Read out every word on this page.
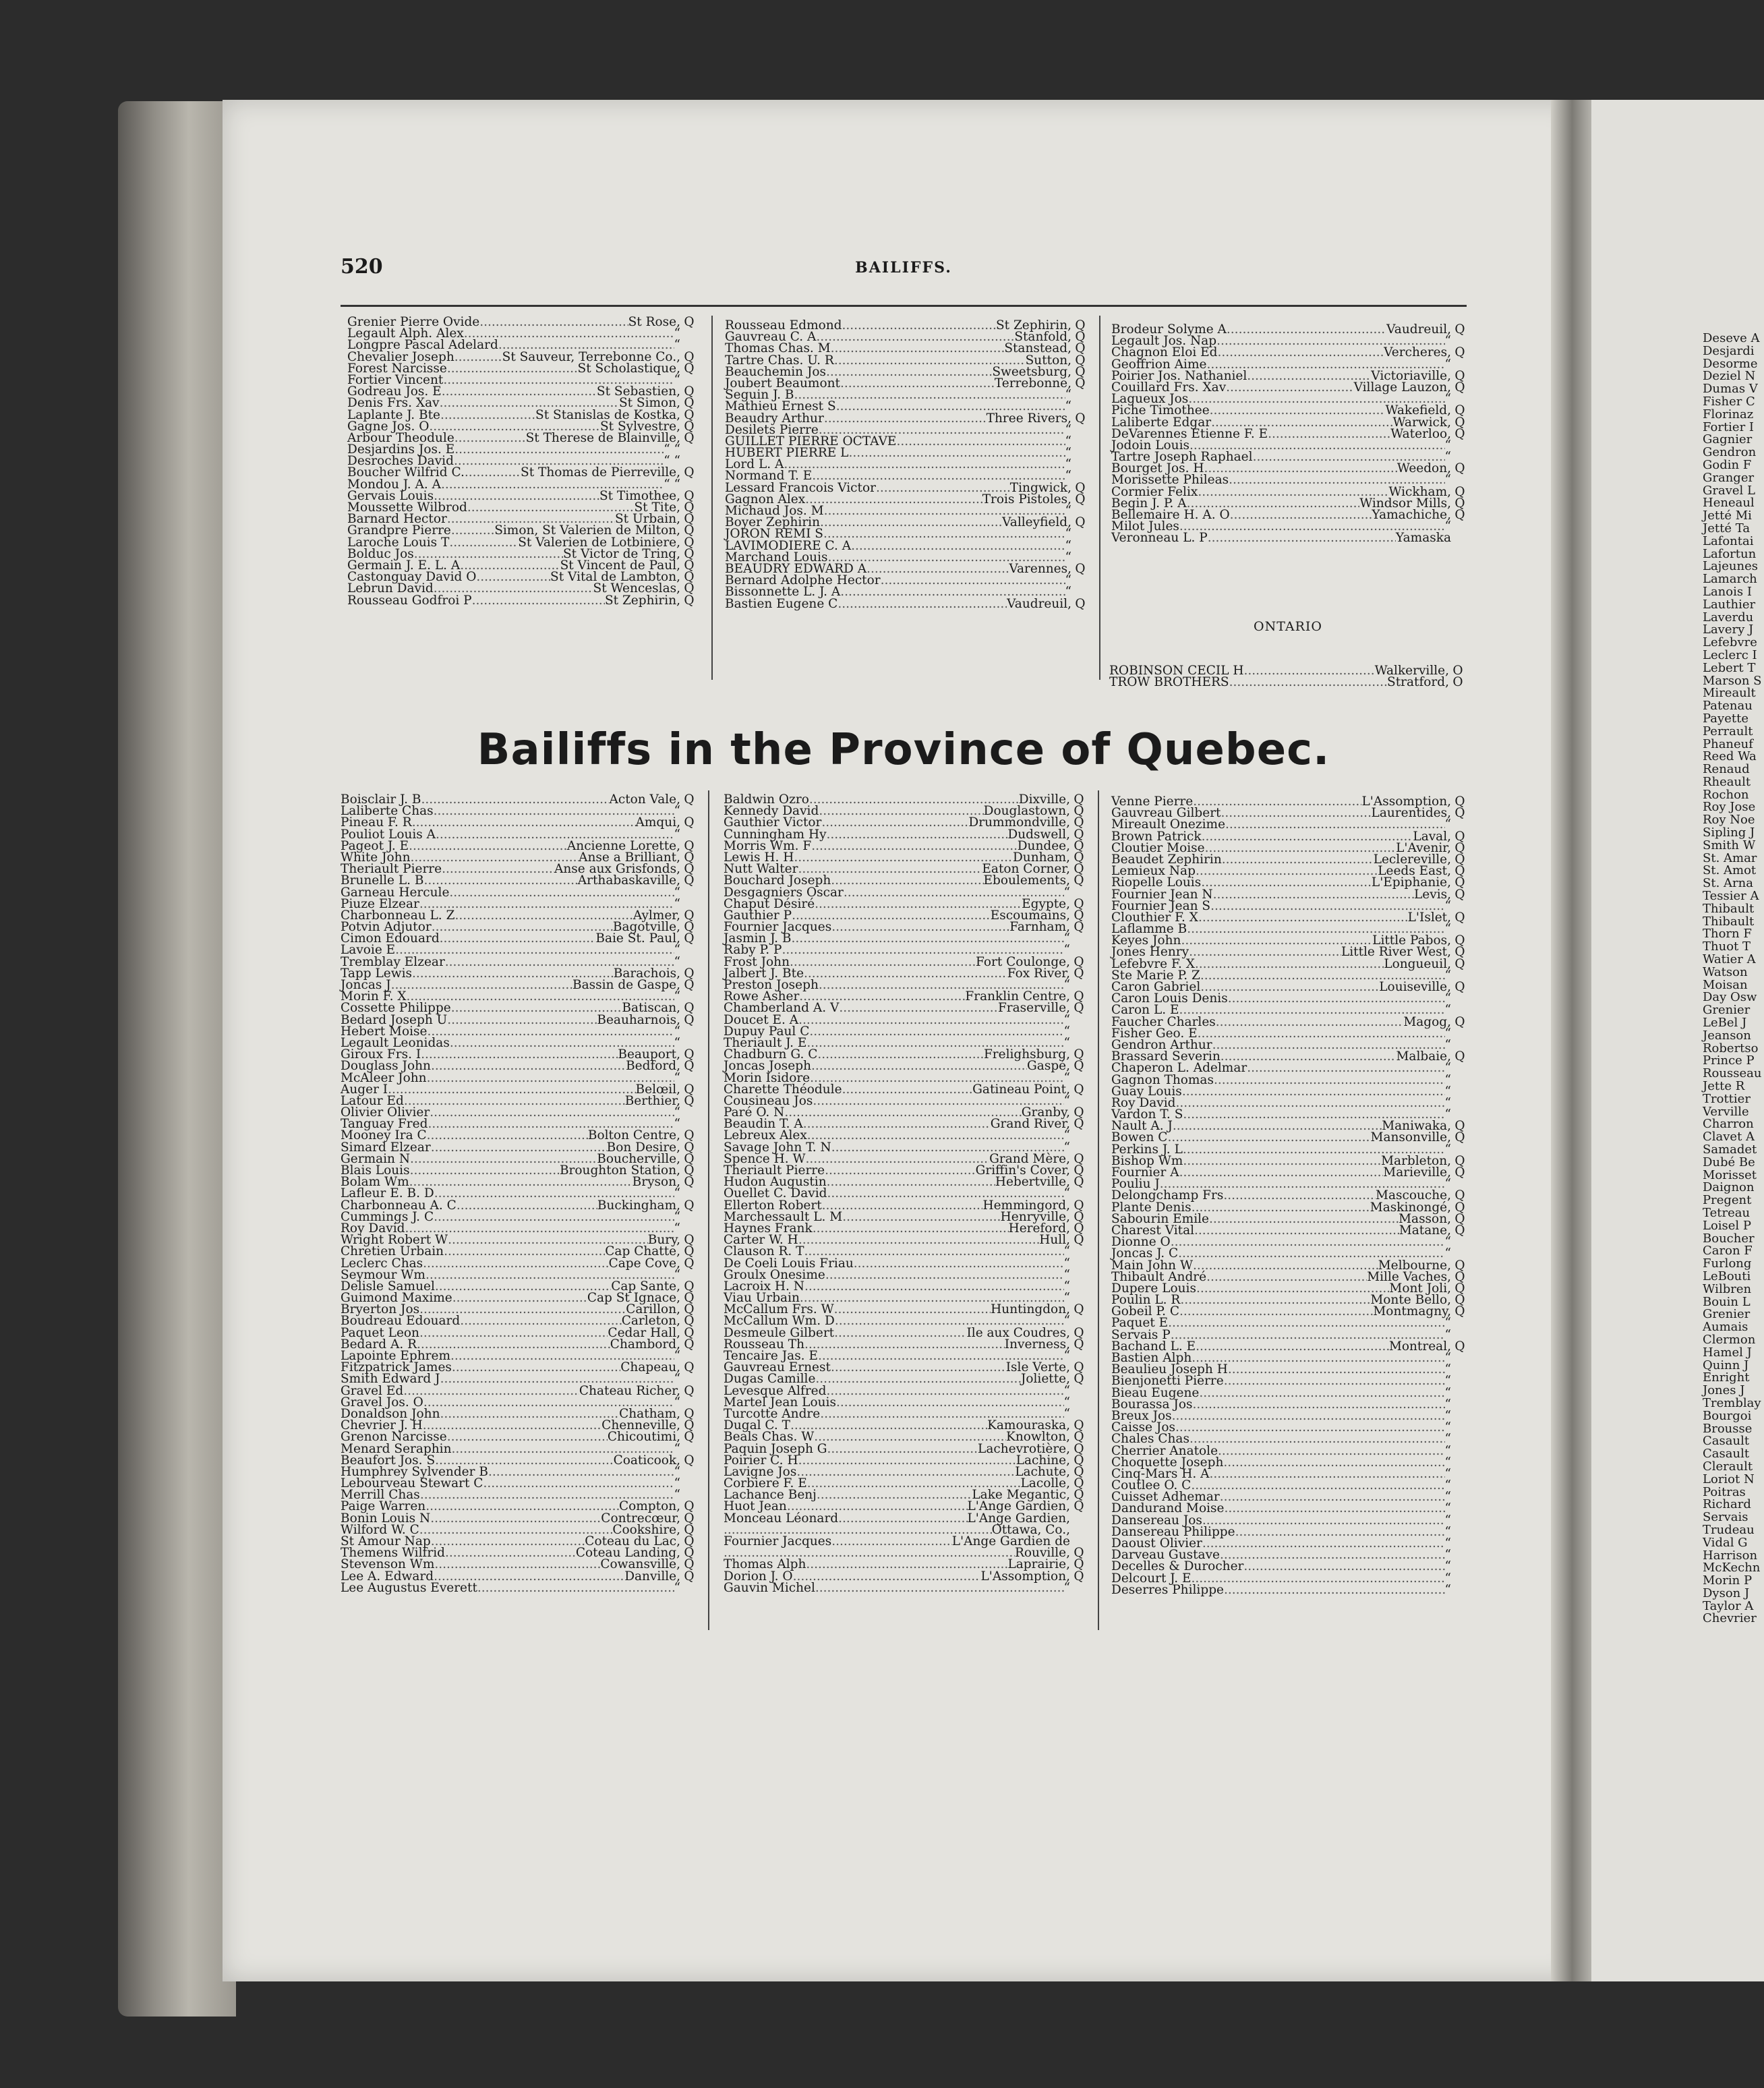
Deseve A
Desjardi
Desorme
Deziel N
Dumas V
Fisher C
Florinaz
Fortier I
Gagnier
Gendron
Godin F
Granger
Gravel L
Heneaul
Jetté Mi
Jetté Ta
Lafontai
Lafortun
Lajeunes
Lamarch
Lanois I
Lauthier
Laverdu
Lavery J
Lefebvre
Leclerc I
Lebert T
Marson S
Mireault
Patenau
Payette
Perrault
Phaneuf
Reed Wa
Renaud
Rheault
Rochon
Roy Jose
Roy Noe
Sipling J
Smith W
St. Amar
St. Amot
St. Arna
Tessier A
Thibault
Thibault
Thorn F
Thuot T
Watier A
Watson
Moisan
Day Osw
Grenier
LeBel J
Jeanson
Robertso
Prince P
Rousseau
Jette R
Trottier
Verville
Charron
Clavet A
Samadet
Dubé Be
Morisset
Daignon
Pregent
Tetreau
Loisel P
Boucher
Caron F
Furlong
LeBouti
Wilbren
Bouin L
Grenier
Aumais
Clermon
Hamel J
Quinn J
Enright
Jones J
Tremblay
Bourgoi
Brousse
Casault
Casault
Clerault
Loriot N
Poitras
Richard
Servais
Trudeau
Vidal G
Harrison
McKechn
Morin P
Dyson J
Taylor A
Chevrier
520	BAILIFFS.
Grenier Pierre Ovide .....	St Rose, Q
Legault Alph. Alex .....	“
Longpre Pascal Adelard .....	“
Chevalier Joseph .....	St Sauveur, Terrebonne Co., Q
Forest Narcisse .....	St Scholastique, Q
Fortier Vincent .....	“
Godreau Jos. E .....	St Sebastien, Q
Denis Frs. Xav .....	St Simon, Q
Laplante J. Bte .....	St Stanislas de Kostka, Q
Gagne Jos. O .....	St Sylvestre, Q
Arbour Theodule .....	St Therese de Blainville, Q
Desjardins Jos. E .....	“ “
Desroches David .....	“ “
Boucher Wilfrid C. .....	St Thomas de Pierreville, Q
Mondou J. A. A .....	“ “
Gervais Louis .....	St Timothee, Q
Moussette Wilbrod .....	St Tite, Q
Barnard Hector .....	St Urbain, Q
Grandpre Pierre .....	Simon, St Valerien de Milton, Q
Laroche Louis T .....	St Valerien de Lotbiniere, Q
Bolduc Jos .....	St Victor de Tring, Q
Germain J. E. L. A .....	St Vincent de Paul, Q
Castonguay David O .....	St Vital de Lambton, Q
Lebrun David .....	St Wenceslas, Q
Rousseau Godfroi P .....	St Zephirin, Q
Rousseau Edmond .....	St Zephirin, Q
Gauvreau C. A .....	Stanfold, Q
Thomas Chas. M .....	Stanstead, Q
Tartre Chas. U. R .....	Sutton, Q
Beauchemin Jos .....	Sweetsburg, Q
Joubert Beaumont .....	Terrebonne, Q
Seguin J. B .....	“
Mathieu Ernest S .....	“
Beaudry Arthur .....	Three Rivers, Q
Desilets Pierre .....	“
GUILLET PIERRE OCTAVE .....	“
HUBERT PIERRE L .....	“
Lord L. A .....	“
Normand T. E .....	“
Lessard Francois Victor .....	Tingwick, Q
Gagnon Alex .....	Trois Pistoles, Q
Michaud Jos. M .....	“
Boyer Zephirin .....	Valleyfield, Q
JORON REMI S .....	“
LAVIMODIERE C. A .....	“
Marchand Louis .....	“
BEAUDRY EDWARD A .....	Varennes, Q
Bernard Adolphe Hector .....	“
Bissonnette L. J. A .....	“
Bastien Eugene C .....	Vaudreuil, Q
Brodeur Solyme A .....	Vaudreuil, Q
Legault Jos. Nap .....	“
Chagnon Eloi Ed .....	Vercheres, Q
Geoffrion Aime .....	“
Poirier Jos. Nathaniel .....	Victoriaville, Q
Couillard Frs. Xav .....	Village Lauzon, Q
Lagueux Jos .....	“
Piche Timothee .....	Wakefield, Q
Laliberte Edgar .....	Warwick, Q
DeVarennes Etienne F. E .....	Waterloo, Q
Jodoin Louis .....	“
Tartre Joseph Raphael .....	“
Bourget Jos. H .....	Weedon, Q
Morissette Phileas .....	“
Cormier Felix .....	Wickham, Q
Begin J. P. A .....	Windsor Mills, Q
Bellemaire H. A. O .....	Yamachiche, Q
Milot Jules .....	“
Veronneau L. P .....	Yamaska
ONTARIO
ROBINSON CECIL H .....	Walkerville, O
TROW BROTHERS .....	Stratford, O
Bailiffs in the Province of Quebec.
Boisclair J. B .....	Acton Vale, Q
Laliberte Chas .....	“
Pineau F. R .....	Amqui, Q
Pouliot Louis A .....	“
Pageot J. E .....	Ancienne Lorette, Q
White John .....	Anse a Brilliant, Q
Theriault Pierre .....	Anse aux Grisfonds, Q
Brunelle L. B .....	Arthabaskaville, Q
Garneau Hercule .....	“
Piuze Elzear .....	“
Charbonneau L. Z .....	Aylmer, Q
Potvin Adjutor .....	Bagotville, Q
Cimon Edouard .....	Baie St. Paul, Q
Lavoie E .....	“
Tremblay Elzear .....	“
Tapp Lewis .....	Barachois, Q
Joncas J .....	Bassin de Gaspe, Q
Morin F. X .....	“
Cossette Philippe .....	Batiscan, Q
Bedard Joseph U .....	Beauharnois, Q
Hebert Moise .....	“
Legault Leonidas .....	“
Giroux Frs. I .....	Beauport, Q
Douglass John .....	Bedford, Q
McAleer John .....	“
Auger I .....	Belœil, Q
Latour Ed .....	Berthier, Q
Olivier Olivier .....	“
Tanguay Fred .....	“
Mooney Ira C .....	Bolton Centre, Q
Simard Elzear .....	Bon Desire, Q
Germain N .....	Boucherville, Q
Blais Louis .....	Broughton Station, Q
Bolam Wm .....	Bryson, Q
Lafleur E. B. D .....	“
Charbonneau A. C .....	Buckingham, Q
Cummings J. C .....	“
Roy David .....	“
Wright Robert W .....	Bury, Q
Chretien Urbain .....	Cap Chatte, Q
Leclerc Chas .....	Cape Cove, Q
Seymour Wm .....	“
Delisle Samuel .....	Cap Sante, Q
Guimond Maxime .....	Cap St Ignace, Q
Bryerton Jos .....	Carillon, Q
Boudreau Edouard .....	Carleton, Q
Paquet Leon .....	Cedar Hall, Q
Bedard A. R .....	Chambord, Q
Lapointe Ephrem .....	“
Fitzpatrick James .....	Chapeau, Q
Smith Edward J .....	“
Gravel Ed .....	Chateau Richer, Q
Gravel Jos. O .....	“
Donaldson John .....	Chatham, Q
Chevrier J. H .....	Chenneville, Q
Grenon Narcisse .....	Chicoutimi, Q
Menard Seraphin .....	“
Beaufort Jos. S .....	Coaticook, Q
Humphrey Sylvender B .....	“
Lebourveau Stewart C .....	“
Merrill Chas .....	“
Paige Warren .....	Compton, Q
Bonin Louis N .....	Contrecœur, Q
Wilford W. C .....	Cookshire, Q
St Amour Nap .....	Coteau du Lac, Q
Themens Wilfrid .....	Coteau Landing, Q
Stevenson Wm .....	Cowansville, Q
Lee A. Edward .....	Danville, Q
Lee Augustus Everett .....	“
Baldwin Ozro .....	Dixville, Q
Kennedy David .....	Douglastown, Q
Gauthier Victor .....	Drummondville, Q
Cunningham Hy .....	Dudswell, Q
Morris Wm. F .....	Dundee, Q
Lewis H. H .....	Dunham, Q
Nutt Walter .....	Eaton Corner, Q
Bouchard Joseph .....	Eboulements, Q
Desgagniers Oscar .....	“
Chaput Désiré .....	Egypte, Q
Gauthier P .....	Escoumains, Q
Fournier Jacques .....	Farnham, Q
Jasmin J. B .....	“
Raby P. P .....	“
Frost John .....	Fort Coulonge, Q
Jalbert J. Bte .....	Fox River, Q
Preston Joseph .....	“
Rowe Asher .....	Franklin Centre, Q
Chamberland A. V .....	Fraserville, Q
Doucet E. A .....	“
Dupuy Paul C .....	“
Theriault J. E .....	“
Chadburn G. C .....	Frelighsburg, Q
Joncas Joseph .....	Gaspé, Q
Morin Isidore .....	“
Charette Théodule .....	Gatineau Point, Q
Cousineau Jos .....	“
Paré O. N .....	Granby, Q
Beaudin T. A .....	Grand River, Q
Lebreux Alex .....	“
Savage John T. N .....	“
Spence H. W .....	Grand Mère, Q
Theriault Pierre .....	Griffin's Cover, Q
Hudon Augustin .....	Hebertville, Q
Ouellet C. David .....	“
Ellerton Robert .....	Hemmingord, Q
Marchessault L. M .....	Henryville, Q
Haynes Frank .....	Hereford, Q
Carter W. H .....	Hull, Q
Clauson R. T .....	“
De Coeli Louis Friau .....	“
Groulx Onesime .....	“
Lacroix H. N .....	“
Viau Urbain .....	“
McCallum Frs. W .....	Huntingdon, Q
McCallum Wm. D .....	“
Desmeule Gilbert .....	Ile aux Coudres, Q
Rousseau Th .....	Inverness, Q
Tencaire Jas. E .....	“
Gauvreau Ernest .....	Isle Verte, Q
Dugas Camille .....	Joliette, Q
Levesque Alfred .....	“
Martel Jean Louis .....	“
Turcotte Andre .....	“
Dugal C. T .....	Kamouraska, Q
Beals Chas. W .....	Knowlton, Q
Paquin Joseph G .....	Lachevrotière, Q
Poirier C. H .....	Lachine, Q
Lavigne Jos .....	Lachute, Q
Corbiere F. E .....	Lacolle, Q
Lachance Benj .....	Lake Megantic, Q
Huot Jean .....	L'Ange Gardien, Q
Monceau Léonard .....	L'Ange Gardien,
.....
Ottawa, Co.,
Fournier Jacques .....	L'Ange Gardien de
.....
Rouville, Q
Thomas Alph .....	Laprairie, Q
Dorion J. O .....	L'Assomption, Q
Gauvin Michel .....	“
Venne Pierre .....	L'Assomption, Q
Gauvreau Gilbert .....	Laurentides, Q
Mireault Onezime .....	“
Brown Patrick .....	Laval, Q
Cloutier Moise .....	L'Avenir, Q
Beaudet Zephirin .....	Leclereville, Q
Lemieux Nap .....	Leeds East, Q
Riopelle Louis .....	L'Epiphanie, Q
Fournier Jean N .....	Levis, Q
Fournier Jean S .....	“
Clouthier F. X .....	L'Islet, Q
Laflamme B .....	“
Keyes John .....	Little Pabos, Q
Jones Henry .....	Little River West, Q
Lefebvre F. X .....	Longueuil, Q
Ste Marie P. Z .....	“
Caron Gabriel .....	Louiseville, Q
Caron Louis Denis .....	“
Caron L. E .....	“
Faucher Charles .....	Magog, Q
Fisher Geo. E .....	“
Gendron Arthur .....	“
Brassard Severin .....	Malbaie, Q
Chaperon L. Adelmar .....	“
Gagnon Thomas .....	“
Guay Louis .....	“
Roy David .....	“
Vardon T. S .....	“
Nault A. J .....	Maniwaka, Q
Bowen C .....	Mansonville, Q
Perkins J. L .....	“
Bishop Wm .....	Marbleton, Q
Fournier A .....	Marieville, Q
Pouliu J .....	“
Delongchamp Frs .....	Mascouche, Q
Plante Denis .....	Maskinongé, Q
Sabourin Emile .....	Masson, Q
Charest Vital .....	Matane, Q
Dionne O .....	“
Joncas J. C .....	“
Main John W .....	Melbourne, Q
Thibault André .....	Mille Vaches, Q
Dupere Louis .....	Mont Joli, Q
Poulin L. R .....	Monte Bello, Q
Gobeil P. C .....	Montmagny, Q
Paquet E .....	“
Servais P .....	“
Bachand L. E .....	Montreal, Q
Bastien Alph .....	“
Beaulieu Joseph H .....	“
Bienjonetti Pierre .....	“
Bieau Eugene .....	“
Bourassa Jos .....	“
Breux Jos .....	“
Caisse Jos .....	“
Chales Chas .....	“
Cherrier Anatole .....	“
Choquette Joseph .....	“
Cinq-Mars H. A .....	“
Coutlee O. C .....	“
Cuisset Adhemar .....	“
Dandurand Moise .....	“
Dansereau Jos .....	“
Dansereau Philippe .....	“
Daoust Olivier .....	“
Darveau Gustave .....	“
Decelles & Durocher .....	“
Delcourt J. E .....	“
Deserres Philippe .....	“
